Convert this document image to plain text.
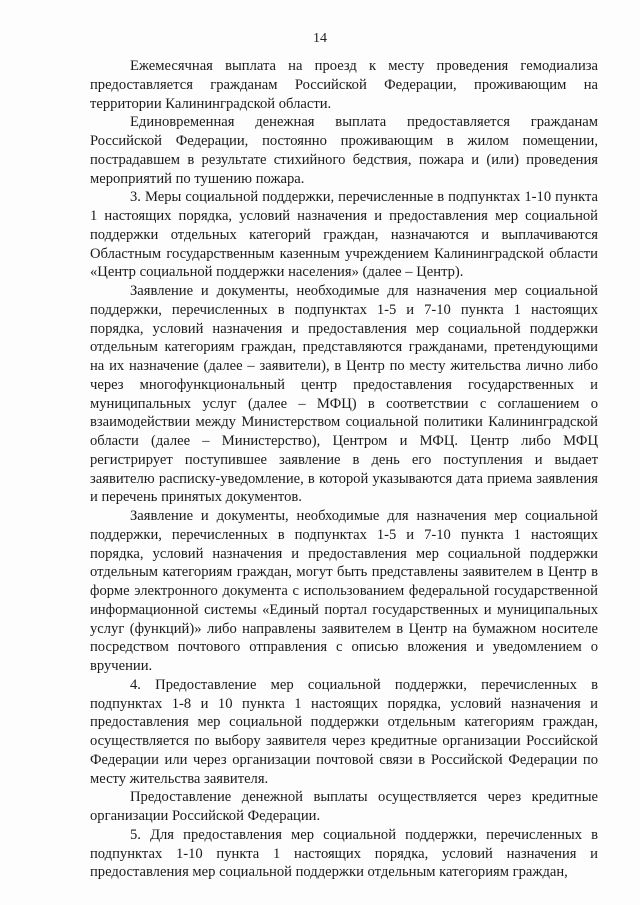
14

Ежемесячная выплата на проезд к месту проведения гемодиализа предоставляется гражданам Российской Федерации, проживающим на территории Калининградской области.

Единовременная денежная выплата предоставляется гражданам Российской Федерации, постоянно проживающим в жилом помещении, пострадавшем в результате стихийного бедствия, пожара и (или) проведения мероприятий по тушению пожара.

3. Меры социальной поддержки, перечисленные в подпунктах 1-10 пункта 1 настоящих порядка, условий назначения и предоставления мер социальной поддержки отдельных категорий граждан, назначаются и выплачиваются Областным государственным казенным учреждением Калининградской области «Центр социальной поддержки населения» (далее – Центр).

Заявление и документы, необходимые для назначения мер социальной поддержки, перечисленных в подпунктах 1-5 и 7-10 пункта 1 настоящих порядка, условий назначения и предоставления мер социальной поддержки отдельным категориям граждан, представляются гражданами, претендующими на их назначение (далее – заявители), в Центр по месту жительства лично либо через многофункциональный центр предоставления государственных и муниципальных услуг (далее – МФЦ) в соответствии с соглашением о взаимодействии между Министерством социальной политики Калининградской области (далее – Министерство), Центром и МФЦ. Центр либо МФЦ регистрирует поступившее заявление в день его поступления и выдает заявителю расписку-уведомление, в которой указываются дата приема заявления и перечень принятых документов.

Заявление и документы, необходимые для назначения мер социальной поддержки, перечисленных в подпунктах 1-5 и 7-10 пункта 1 настоящих порядка, условий назначения и предоставления мер социальной поддержки отдельным категориям граждан, могут быть представлены заявителем в Центр в форме электронного документа с использованием федеральной государственной информационной системы «Единый портал государственных и муниципальных услуг (функций)» либо направлены заявителем в Центр на бумажном носителе посредством почтового отправления с описью вложения и уведомлением о вручении.

4. Предоставление мер социальной поддержки, перечисленных в подпунктах 1-8 и 10 пункта 1 настоящих порядка, условий назначения и предоставления мер социальной поддержки отдельным категориям граждан, осуществляется по выбору заявителя через кредитные организации Российской Федерации или через организации почтовой связи в Российской Федерации по месту жительства заявителя.

Предоставление денежной выплаты осуществляется через кредитные организации Российской Федерации.

5. Для предоставления мер социальной поддержки, перечисленных в подпунктах 1-10 пункта 1 настоящих порядка, условий назначения и предоставления мер социальной поддержки отдельным категориям граждан,
